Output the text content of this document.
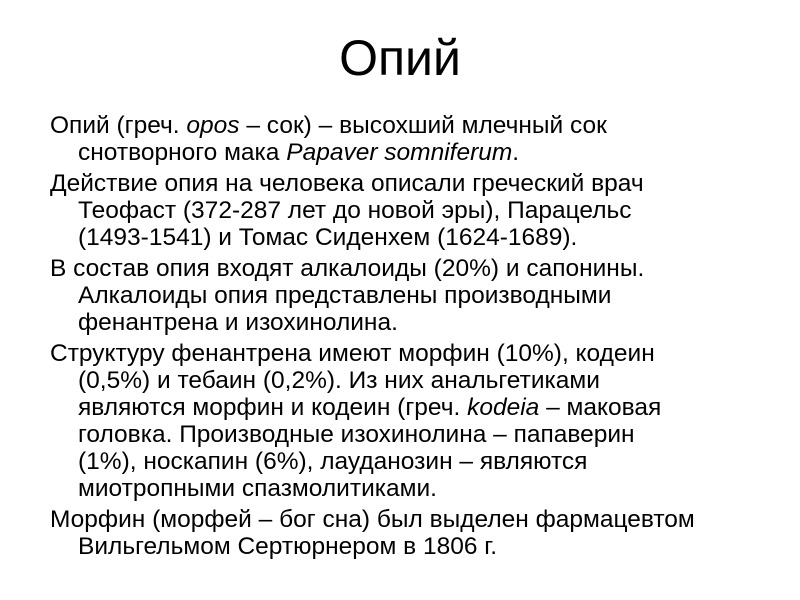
Опий

Опий (греч. opos – сок) – высохший млечный сок
снотворного мака Papaver somniferum.

Действие опия на человека описали греческий врач
Теофаст (372-287 лет до новой эры), Парацельс
(1493-1541) и Томас Сиденхем (1624-1689).

В состав опия входят алкалоиды (20%) и сапонины.
Алкалоиды опия представлены производными
фенантрена и изохинолина.

Структуру фенантрена имеют морфин (10%), кодеин
(0,5%) и тебаин (0,2%). Из них анальгетиками
являются морфин и кодеин (греч. kodeia – маковая
головка. Производные изохинолина – папаверин
(1%), носкапин (6%), лауданозин – являются
миотропными спазмолитиками.

Морфин (морфей – бог сна) был выделен фармацевтом
Вильгельмом Сертюрнером в 1806 г.
